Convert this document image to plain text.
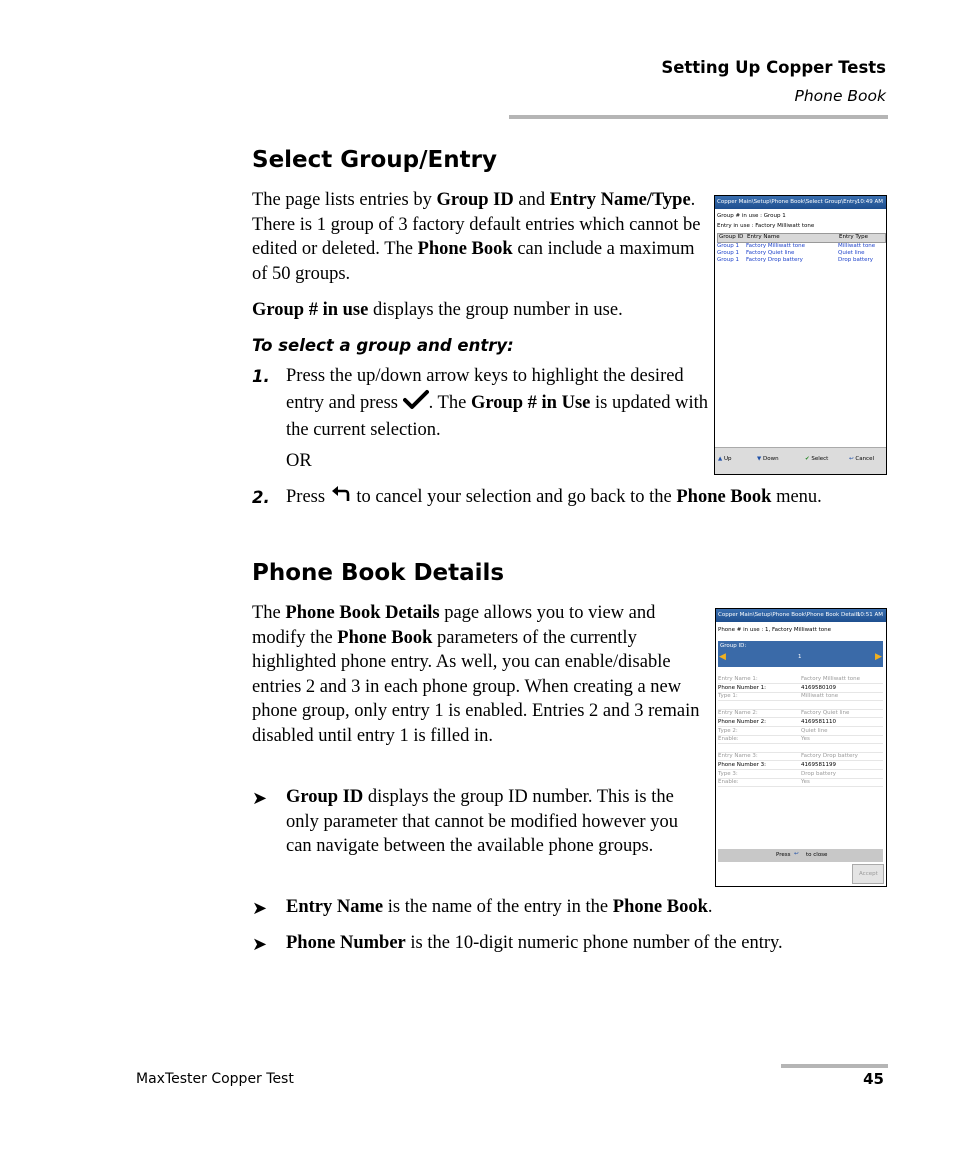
Setting Up Copper Tests
Phone Book
Select Group/Entry
The page lists entries by Group ID and Entry Name/Type. There is 1 group of 3 factory default entries which cannot be edited or deleted. The Phone Book can include a maximum of 50 groups.
Group # in use displays the group number in use.
To select a group and entry:
1. Press the up/down arrow keys to highlight the desired entry and press . The Group # in Use is updated with the current selection.
OR
2. Press  to cancel your selection and go back to the Phone Book menu.
Copper Main\Setup\Phone Book\Select Group\Entry 10:49 AM
Group # in use : Group 1
Entry in use : Factory Milliwatt tone
Group ID Entry Name	Entry Type
▲ Up	▼ Down	✔ Select	↩ Cancel
Group 1 Factory Milliwatt tone	Milliwatt tone
Group 1 Factory Quiet line	Quiet line
Group 1 Factory Drop battery	Drop battery
Phone Book Details
The Phone Book Details page allows you to view and modify the Phone Book parameters of the currently highlighted phone entry. As well, you can enable/disable entries 2 and 3 in each phone group. When creating a new phone group, only entry 1 is enabled. Entries 2 and 3 remain disabled until entry 1 is filled in.
➤ Group ID displays the group ID number. This is the only parameter that cannot be modified however you can navigate between the available phone groups.
➤ Entry Name is the name of the entry in the Phone Book.
➤ Phone Number is the 10-digit numeric phone number of the entry.
Copper Main\Setup\Phone Book\Phone Book Details
10:51 AM
Phone # in use : 1, Factory Milliwatt tone
Group ID:
◀	1	▶
Press ↩ to close
Accept
Entry Name 1:	Factory Milliwatt tone
Phone Number 1:	4169580109
Type 1:	Milliwatt tone
Entry Name 2:	Factory Quiet line
Phone Number 2:	4169581110
Type 2:	Quiet line
Enable:	Yes
Entry Name 3:	Factory Drop battery
Phone Number 3:	4169581199
Type 3:	Drop battery
Enable:	Yes
MaxTester Copper Test	45
